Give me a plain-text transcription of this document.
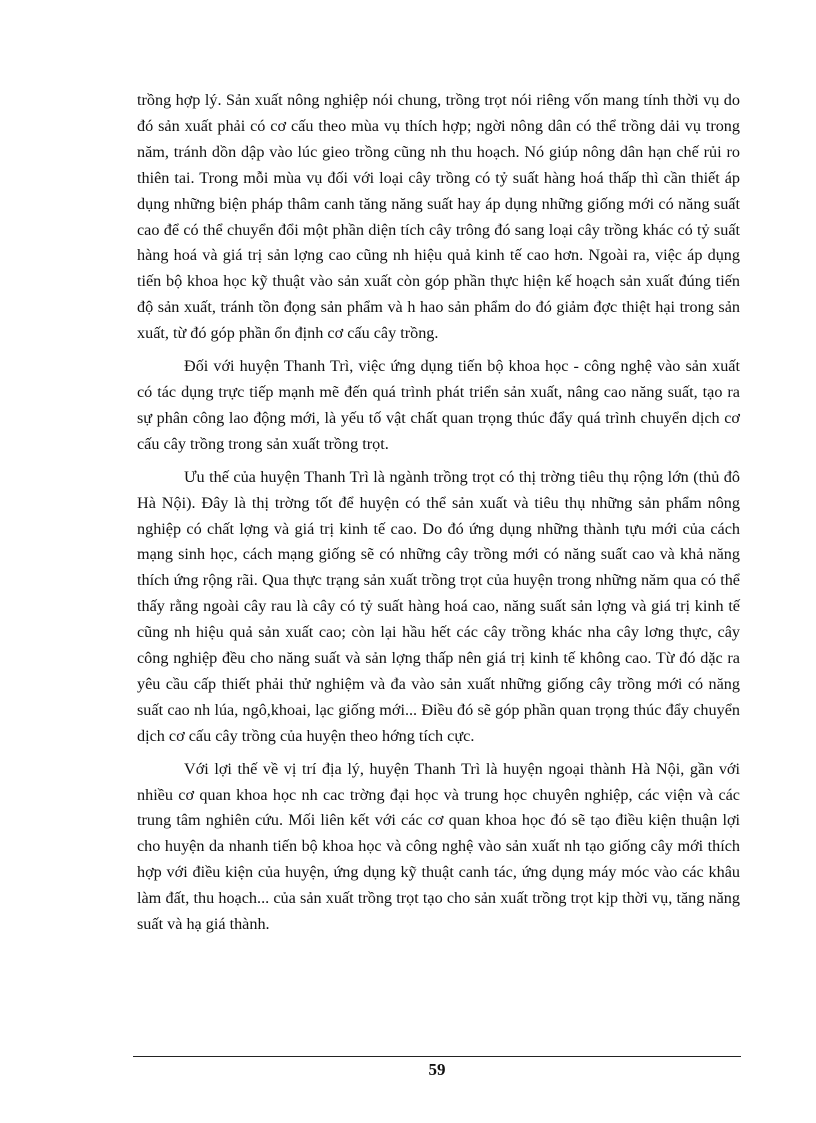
trồng hợp lý. Sản xuất nông nghiệp nói chung, trồng trọt nói riêng vốn mang tính thời vụ do đó sản xuất phải có cơ cấu theo mùa vụ thích hợp; ngời nông dân có thể trồng dải vụ trong năm, tránh dồn dập vào lúc gieo trồng cũng nh thu hoạch. Nó giúp nông dân hạn chế rủi ro thiên tai. Trong mỗi mùa vụ đối với loại cây trồng có tỷ suất hàng hoá thấp thì cần thiết áp dụng những biện pháp thâm canh tăng năng suất hay áp dụng những giống mới có năng suất cao để có thể chuyển đổi một phần diện tích cây trông đó sang loại cây trồng khác có tỷ suất hàng hoá và giá trị sản lợng cao cũng nh hiệu quả kinh tế cao hơn. Ngoài ra, việc áp dụng tiến bộ khoa học kỹ thuật vào sản xuất còn góp phần thực hiện kế hoạch sản xuất đúng tiến độ sản xuất, tránh tồn đọng sản phẩm và h hao sản phẩm do đó giảm đợc thiệt hại trong sản xuất, từ đó góp phần ổn định cơ cấu cây trồng.

Đối với huyện Thanh Trì, việc ứng dụng tiến bộ khoa học - công nghệ vào sản xuất có tác dụng trực tiếp mạnh mẽ đến quá trình phát triển sản xuất, nâng cao năng suất, tạo ra sự phân công lao động mới, là yếu tố vật chất quan trọng thúc đẩy quá trình chuyển dịch cơ cấu cây trồng trong sản xuất trồng trọt.

Ưu thế của huyện Thanh Trì là ngành trồng trọt có thị trờng tiêu thụ rộng lớn (thủ đô Hà Nội). Đây là thị trờng tốt để huyện có thể sản xuất và tiêu thụ những sản phẩm nông nghiệp có chất lợng và giá trị kinh tế cao. Do đó ứng dụng những thành tựu mới của cách mạng sinh học, cách mạng giống sẽ có những cây trồng mới có năng suất cao và khả năng thích ứng rộng rãi. Qua thực trạng sản xuất trồng trọt của huyện trong những năm qua có thể thấy rằng ngoài cây rau là cây có tỷ suất hàng hoá cao, năng suất sản lợng và giá trị kinh tế cũng nh hiệu quả sản xuất cao; còn lại hầu hết các cây trồng khác nha cây lơng thực, cây công nghiệp đều cho năng suất và sản lợng thấp nên giá trị kinh tế không cao. Từ đó dặc ra yêu cầu cấp thiết phải thử nghiệm và đa vào sản xuất những giống cây trồng mới có năng suất cao nh lúa, ngô,khoai, lạc giống mới... Điều đó sẽ góp phần quan trọng thúc đẩy chuyển dịch cơ cấu cây trồng của huyện theo hớng tích cực.

Với lợi thế về vị trí địa lý, huyện Thanh Trì là huyện ngoại thành Hà Nội, gần với nhiều cơ quan khoa học nh cac trờng đại học và trung học chuyên nghiệp, các viện và các trung tâm nghiên cứu. Mối liên kết với các cơ quan khoa học đó sẽ tạo điều kiện thuận lợi cho huyện da nhanh tiến bộ khoa học và công nghệ vào sản xuất nh tạo giống cây mới thích hợp với điều kiện của huyện, ứng dụng kỹ thuật canh tác, ứng dụng máy móc vào các khâu làm đất, thu hoạch... của sản xuất trồng trọt tạo cho sản xuất trồng trọt kịp thời vụ, tăng năng suất và hạ giá thành.

59
